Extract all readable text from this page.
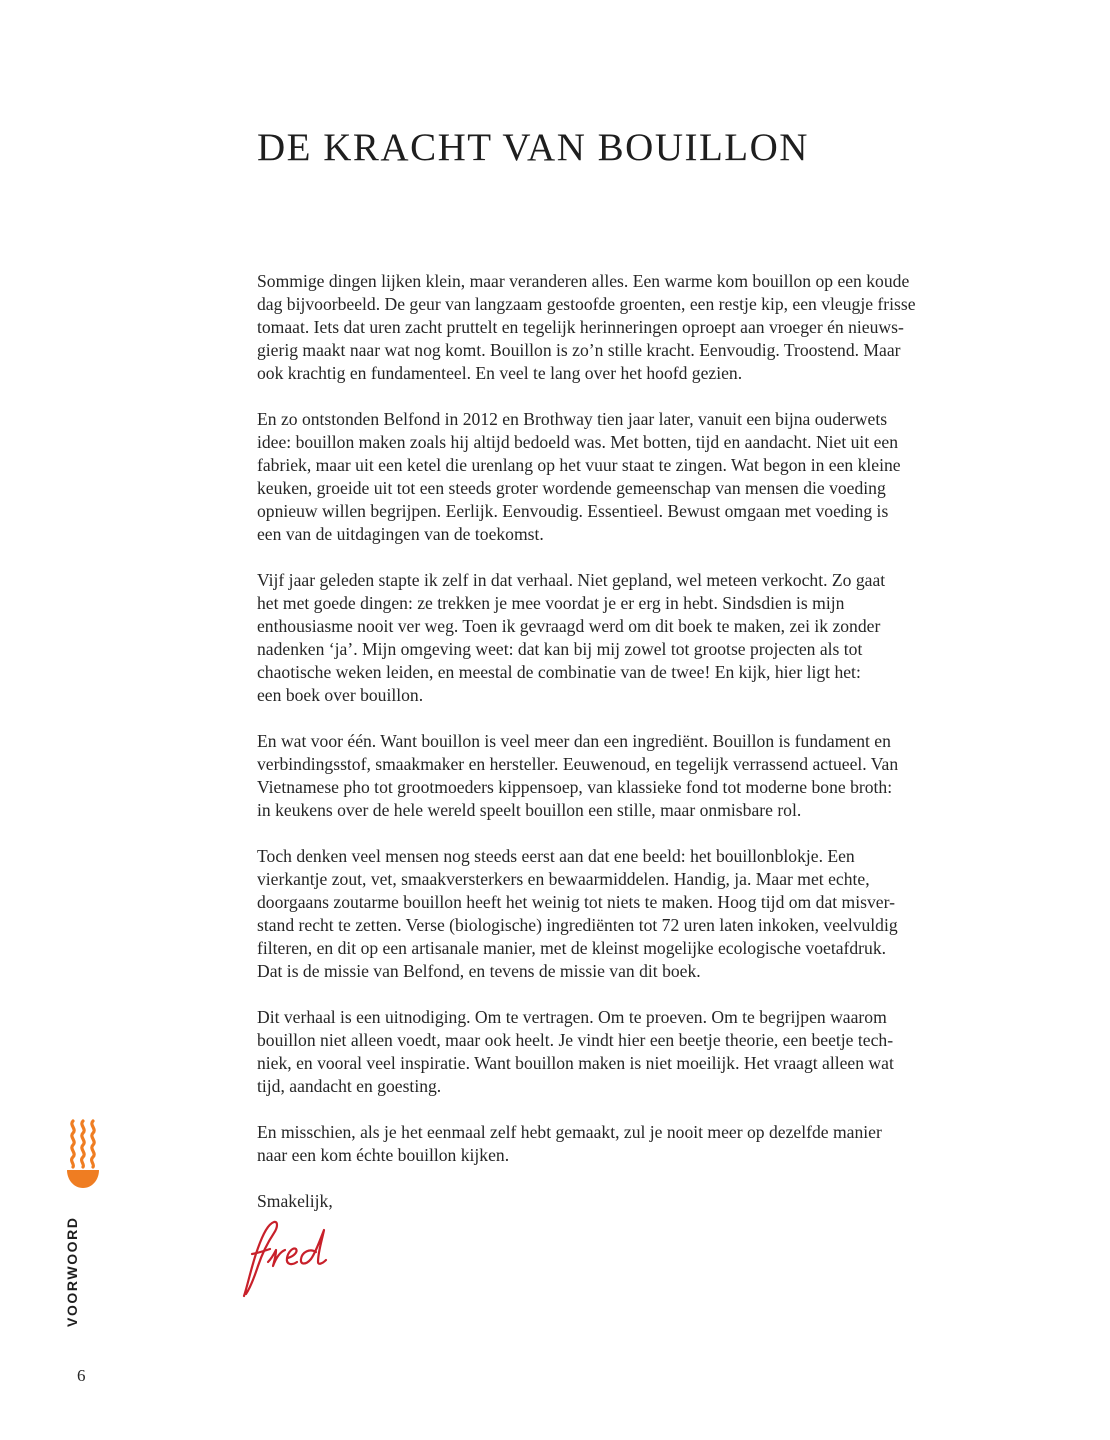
DE KRACHT VAN BOUILLON

Sommige dingen lijken klein, maar veranderen alles. Een warme kom bouillon op een koude
dag bijvoorbeeld. De geur van langzaam gestoofde groenten, een restje kip, een vleugje frisse
tomaat. Iets dat uren zacht pruttelt en tegelijk herinneringen oproept aan vroeger én nieuws-
gierig maakt naar wat nog komt. Bouillon is zo’n stille kracht. Eenvoudig. Troostend. Maar
ook krachtig en fundamenteel. En veel te lang over het hoofd gezien.

En zo ontstonden Belfond in 2012 en Brothway tien jaar later, vanuit een bijna ouderwets
idee: bouillon maken zoals hij altijd bedoeld was. Met botten, tijd en aandacht. Niet uit een
fabriek, maar uit een ketel die urenlang op het vuur staat te zingen. Wat begon in een kleine
keuken, groeide uit tot een steeds groter wordende gemeenschap van mensen die voeding
opnieuw willen begrijpen. Eerlijk. Eenvoudig. Essentieel. Bewust omgaan met voeding is
een van de uitdagingen van de toekomst.

Vijf jaar geleden stapte ik zelf in dat verhaal. Niet gepland, wel meteen verkocht. Zo gaat
het met goede dingen: ze trekken je mee voordat je er erg in hebt. Sindsdien is mijn
enthousiasme nooit ver weg. Toen ik gevraagd werd om dit boek te maken, zei ik zonder
nadenken ‘ja’. Mijn omgeving weet: dat kan bij mij zowel tot grootse projecten als tot
chaotische weken leiden, en meestal de combinatie van de twee! En kijk, hier ligt het:
een boek over bouillon.

En wat voor één. Want bouillon is veel meer dan een ingrediënt. Bouillon is fundament en
verbindingsstof, smaakmaker en hersteller. Eeuwenoud, en tegelijk verrassend actueel. Van
Vietnamese pho tot grootmoeders kippensoep, van klassieke fond tot moderne bone broth:
in keukens over de hele wereld speelt bouillon een stille, maar onmisbare rol.

Toch denken veel mensen nog steeds eerst aan dat ene beeld: het bouillonblokje. Een
vierkantje zout, vet, smaakversterkers en bewaarmiddelen. Handig, ja. Maar met echte,
doorgaans zoutarme bouillon heeft het weinig tot niets te maken. Hoog tijd om dat misver-
stand recht te zetten. Verse (biologische) ingrediënten tot 72 uren laten inkoken, veelvuldig
filteren, en dit op een artisanale manier, met de kleinst mogelijke ecologische voetafdruk.
Dat is de missie van Belfond, en tevens de missie van dit boek.

Dit verhaal is een uitnodiging. Om te vertragen. Om te proeven. Om te begrijpen waarom
bouillon niet alleen voedt, maar ook heelt. Je vindt hier een beetje theorie, een beetje tech-
niek, en vooral veel inspiratie. Want bouillon maken is niet moeilijk. Het vraagt alleen wat
tijd, aandacht en goesting.

En misschien, als je het eenmaal zelf hebt gemaakt, zul je nooit meer op dezelfde manier
naar een kom échte bouillon kijken.

Smakelijk,

VOORWOORD
6
